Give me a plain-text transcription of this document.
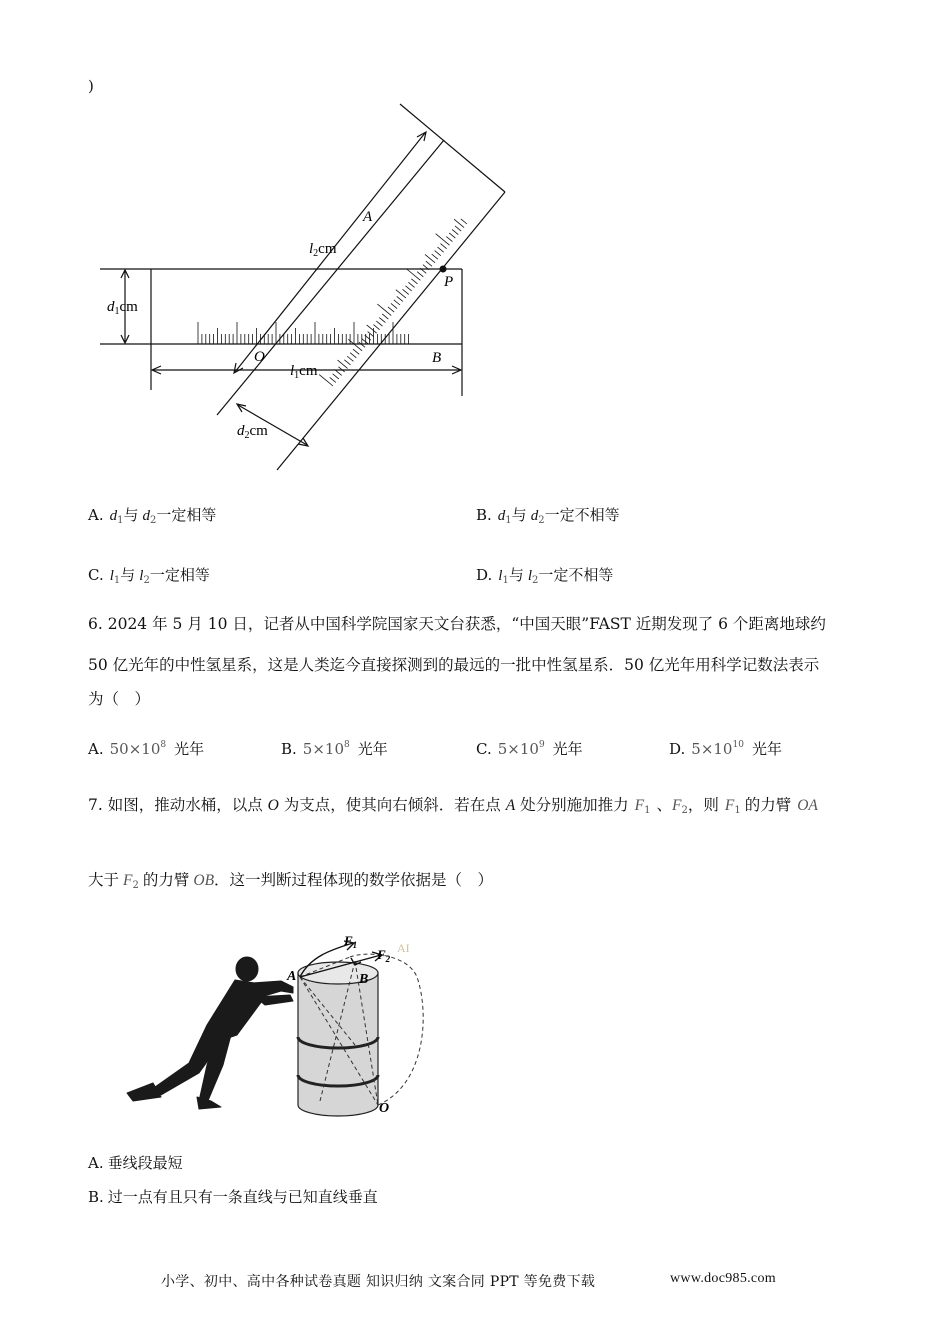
)
$d_1cm$
$l_2cm$
$l_1cm$
$d_2cm$
A
P
O	B
A. $d_1$与 $d_2$一定相等	B. $d_1$与 $d_2$一定不相等
C. $l_1$与 $l_2$一定相等	D. $l_1$与 $l_2$一定不相等
6. 2024 年 5 月 10 日，记者从中国科学院国家天文台获悉，“中国天眼”FAST 近期发现了 6 个距离地球约
50 亿光年的中性氢星系，这是人类迄今直接探测到的最远的一批中性氢星系．50 亿光年用科学记数法表示
为（　）
A. $50\times 10^8$ 光年	B. $5\times 10^8$ 光年	C. $5\times 10^9$ 光年	D. $5\times 10^{10}$ 光年
7. 如图，推动水桶，以点 O 为支点，使其向右倾斜．若在点 A 处分别施加推力 $F_1$ 、$F_2$，则 $F_1$ 的力臂 OA
大于 $F_2$ 的力臂 OB．这一判断过程体现的数学依据是（　）
$F_1$
$F_2$
AI
A	B
O
A. 垂线段最短
B. 过一点有且只有一条直线与已知直线垂直
小学、初中、高中各种试卷真题 知识归纳 文案合同 PPT 等免费下载	www.doc985.com
